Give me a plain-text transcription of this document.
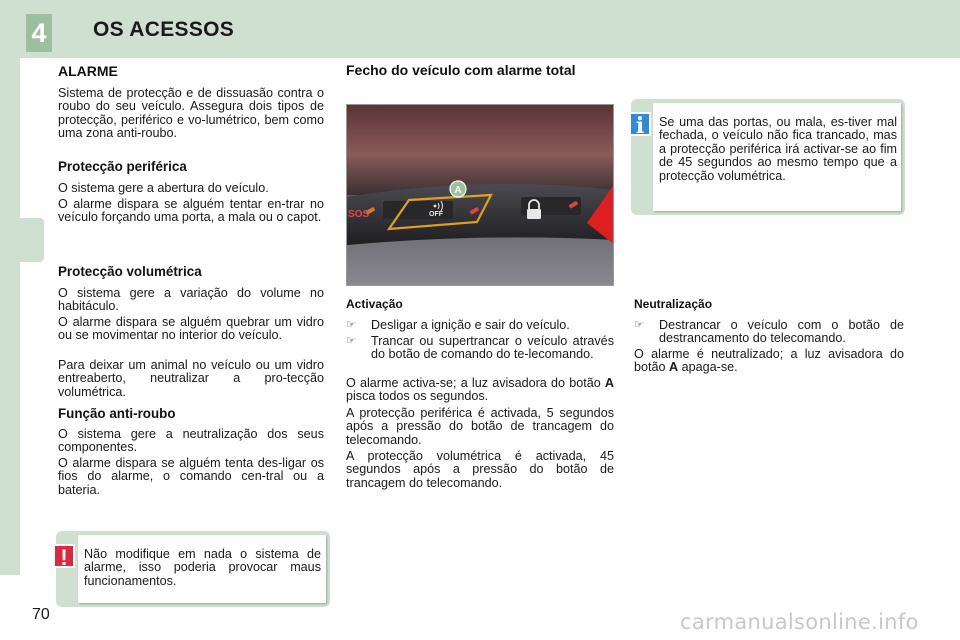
4 OS ACESSOS
ALARME
Sistema de protecção e de dissuasão contra o roubo do seu veículo. Assegura dois tipos de protecção, periférico e vo-lumétrico, bem como uma zona anti-roubo.
Protecção periférica
O sistema gere a abertura do veículo.
O alarme dispara se alguém tentar en-trar no veículo forçando uma porta, a mala ou o capot.
Protecção volumétrica
O sistema gere a variação do volume no habitáculo.
O alarme dispara se alguém quebrar um vidro ou se movimentar no interior do veículo.
Para deixar um animal no veículo ou um vidro entreaberto, neutralizar a pro-tecção volumétrica.
Função anti-roubo
O sistema gere a neutralização dos seus componentes.
O alarme dispara se alguém tenta des-ligar os fios do alarme, o comando cen-tral ou a bateria.
Não modifique em nada o sistema de alarme, isso poderia provocar maus funcionamentos.
!
Fecho do veículo com alarme total
SOS	OFF
A
Activação
☞ Desligar a ignição e sair do veículo.
☞ Trancar ou supertrancar o veículo através do botão de comando do te-lecomando.
O alarme activa-se; a luz avisadora do botão A pisca todos os segundos.
A protecção periférica é activada, 5 segundos após a pressão do botão de trancagem do telecomando.
A protecção volumétrica é activada, 45 segundos após a pressão do botão de trancagem do telecomando.
Se uma das portas, ou mala, es-tiver mal fechada, o veículo não fica trancado, mas a protecção periférica irá activar-se ao fim de 45 segundos ao mesmo tempo que a protecção volumétrica.
i
Neutralização
☞ Destrancar o veículo com o botão de destrancamento do telecomando.
O alarme é neutralizado; a luz avisadora do botão A apaga-se.
70	carmanualsonline.info
